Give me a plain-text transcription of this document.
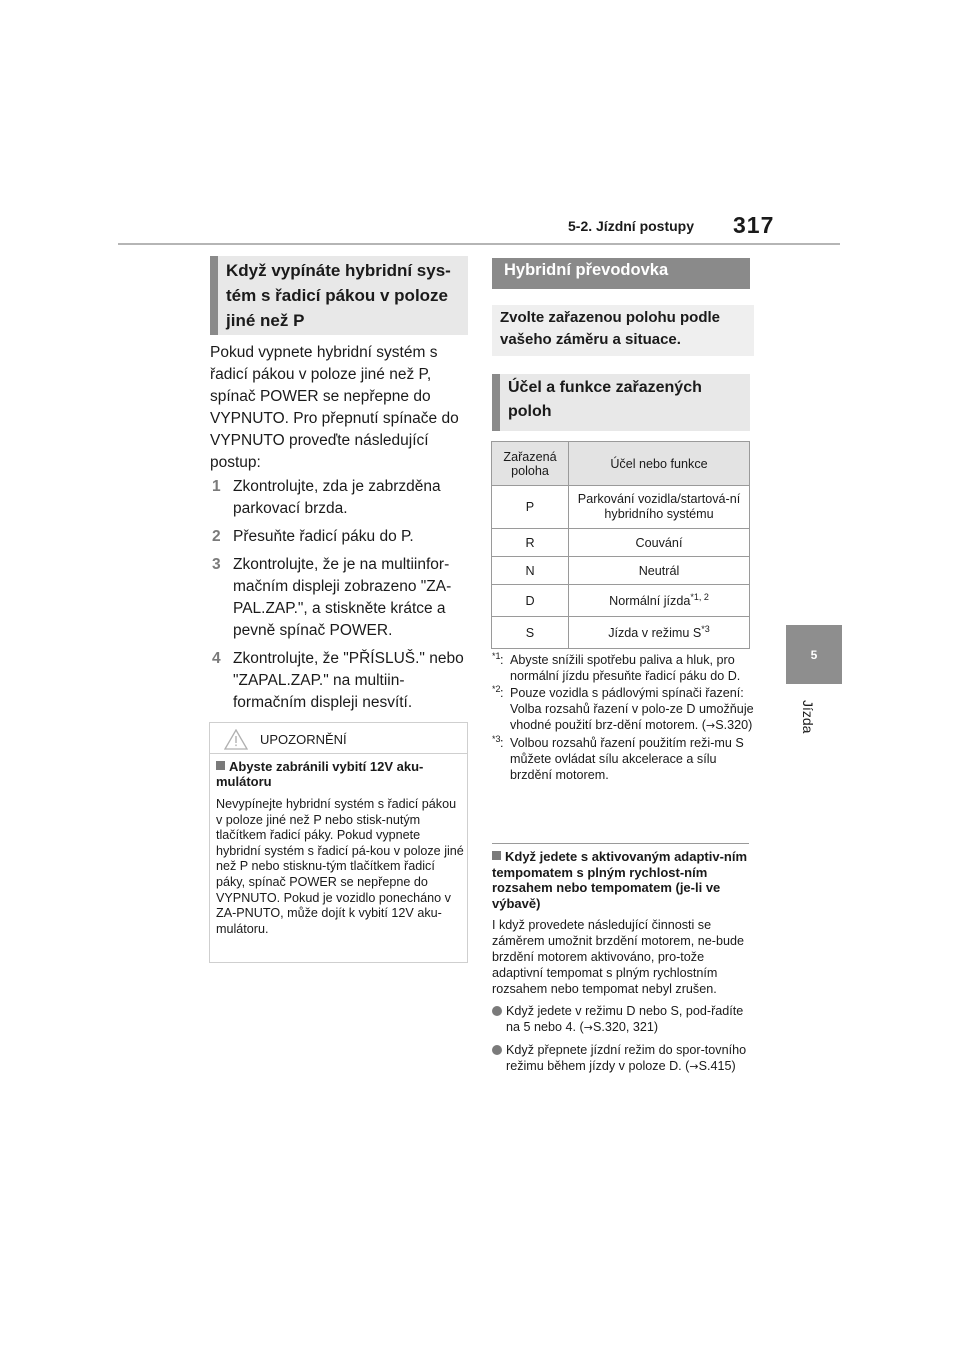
5-2. Jízdní postupy 317
5
Jízda
Když vypínáte hybridní sys-tém s řadicí pákou v poloze jiné než P
Pokud vypnete hybridní systém s řadicí pákou v poloze jiné než P, spínač POWER se nepřepne do VYPNUTO. Pro přepnutí spínače do VYPNUTO proveďte následující postup:
1 Zkontrolujte, zda je zabrzděna parkovací brzda.
2 Přesuňte řadicí páku do P.
3 Zkontrolujte, že je na multiinfor-mačním displeji zobrazeno "ZA-PAL.ZAP.", a stiskněte krátce a pevně spínač POWER.
4 Zkontrolujte, že "PŘÍSLUŠ." nebo "ZAPAL.ZAP." na multiin-formačním displeji nesvítí.
UPOZORNĚNÍ
Abyste zabránili vybití 12V aku-mulátoru
Nevypínejte hybridní systém s řadicí pákou v poloze jiné než P nebo stisk-nutým tlačítkem řadicí páky. Pokud vypnete hybridní systém s řadicí pá-kou v poloze jiné než P nebo stisknu-tým tlačítkem řadicí páky, spínač POWER se nepřepne do VYPNUTO. Pokud je vozidlo ponecháno v ZA-PNUTO, může dojít k vybití 12V aku-mulátoru.
Hybridní převodovka
Zvolte zařazenou polohu podle vašeho záměru a situace.
Účel a funkce zařazených poloh
Zařazená poloha	Účel nebo funkce
P	Parkování vozidla/startová-ní hybridního systému
R	Couvání
N	Neutrál
D	Normální jízda$^{*1, 2}$
S	Jízda v režimu $S^{*3}$
*1 : Abyste snížili spotřebu paliva a hluk, pro normální jízdu přesuňte řadicí páku do D.
*2 : Pouze vozidla s pádlovými spínači řazení: Volba rozsahů řazení v polo-ze D umožňuje vhodné použití brz-dění motorem. (→S.320)
*3 : Volbou rozsahů řazení použitím reži-mu S můžete ovládat sílu akcelerace a sílu brzdění motorem.
Když jedete s aktivovaným adaptiv-ním tempomatem s plným rychlost-ním rozsahem nebo tempomatem (je-li ve výbavě)
I když provedete následující činnosti se záměrem umožnit brzdění motorem, ne-bude brzdění motorem aktivováno, pro-tože adaptivní tempomat s plným rychlostním rozsahem nebo tempomat nebyl zrušen.
Když jedete v režimu D nebo S, pod-řadíte na 5 nebo 4. (→S.320, 321)
Když přepnete jízdní režim do spor-tovního režimu během jízdy v poloze D. (→S.415)
